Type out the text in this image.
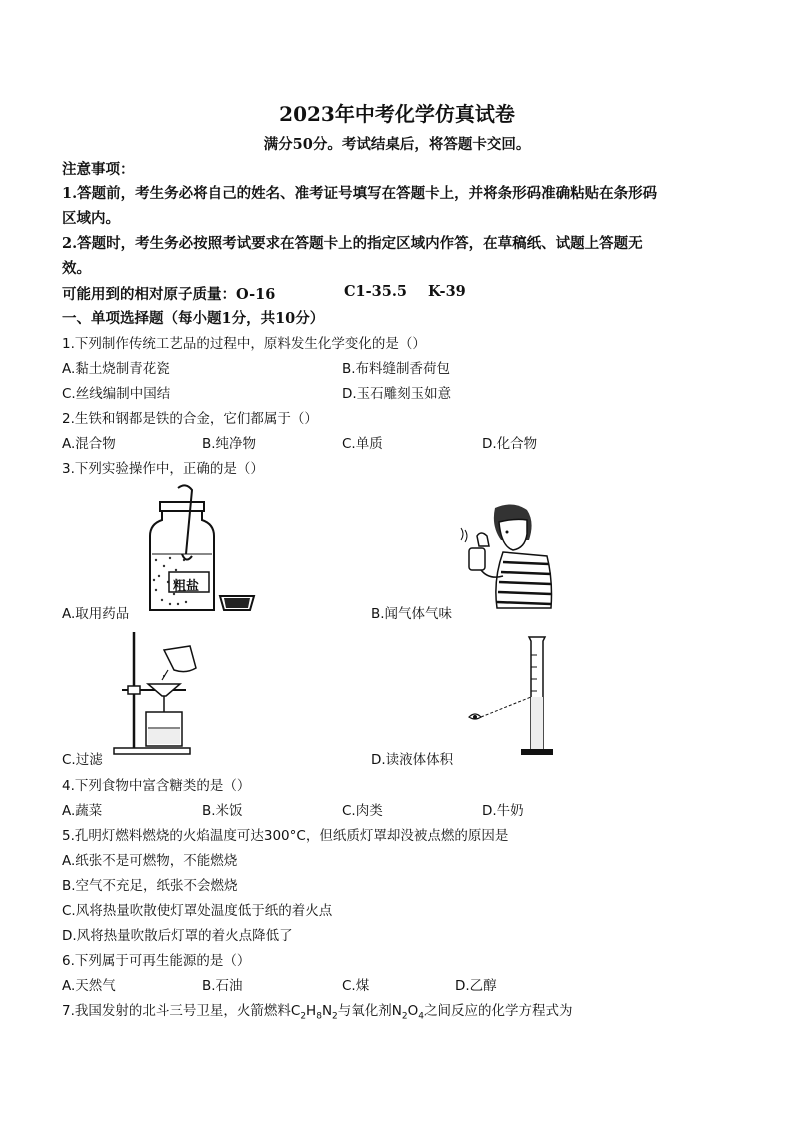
2023年中考化学仿真试卷
满分50分。考试结桌后，将答题卡交回。
注意事项：
1.答题前，考生务必将自己的姓名、准考证号填写在答题卡上，并将条形码准确粘贴在条形码
区域内。
2.答题时，考生务必按照考试要求在答题卡上的指定区域内作答，在草稿纸、试题上答题无
效。
可能用到的相对原子质量：O-16	C1-35.5 K-39
一、单项选择题（每小题1分，共10分）
1.下列制作传统工艺品的过程中，原料发生化学变化的是（）
A.黏土烧制青花瓷	B.布料缝制香荷包
C.丝线编制中国结	D.玉石雕刻玉如意
2.生铁和钢都是铁的合金，它们都属于（）
A.混合物	B.纯净物	C.单质	D.化合物
3.下列实验操作中，正确的是（）
粗盐
A.取用药品	B.闻气体气味
C.过滤	D.读液体体积
4.下列食物中富含糖类的是（）
A.蔬菜	B.米饭	C.肉类	D.牛奶
5.孔明灯燃料燃烧的火焰温度可达300°C，但纸质灯罩却没被点燃的原因是
A.纸张不是可燃物，不能燃烧
B.空气不充足，纸张不会燃烧
C.风将热量吹散使灯罩处温度低于纸的着火点
D.风将热量吹散后灯罩的着火点降低了
6.下列属于可再生能源的是（）
A.天然气	B.石油	C.煤	D.乙醇
7.我国发射的北斗三号卫星，火箭燃料$C_2H_8N_2$与氧化剂$N_2O_4$之间反应的化学方程式为
